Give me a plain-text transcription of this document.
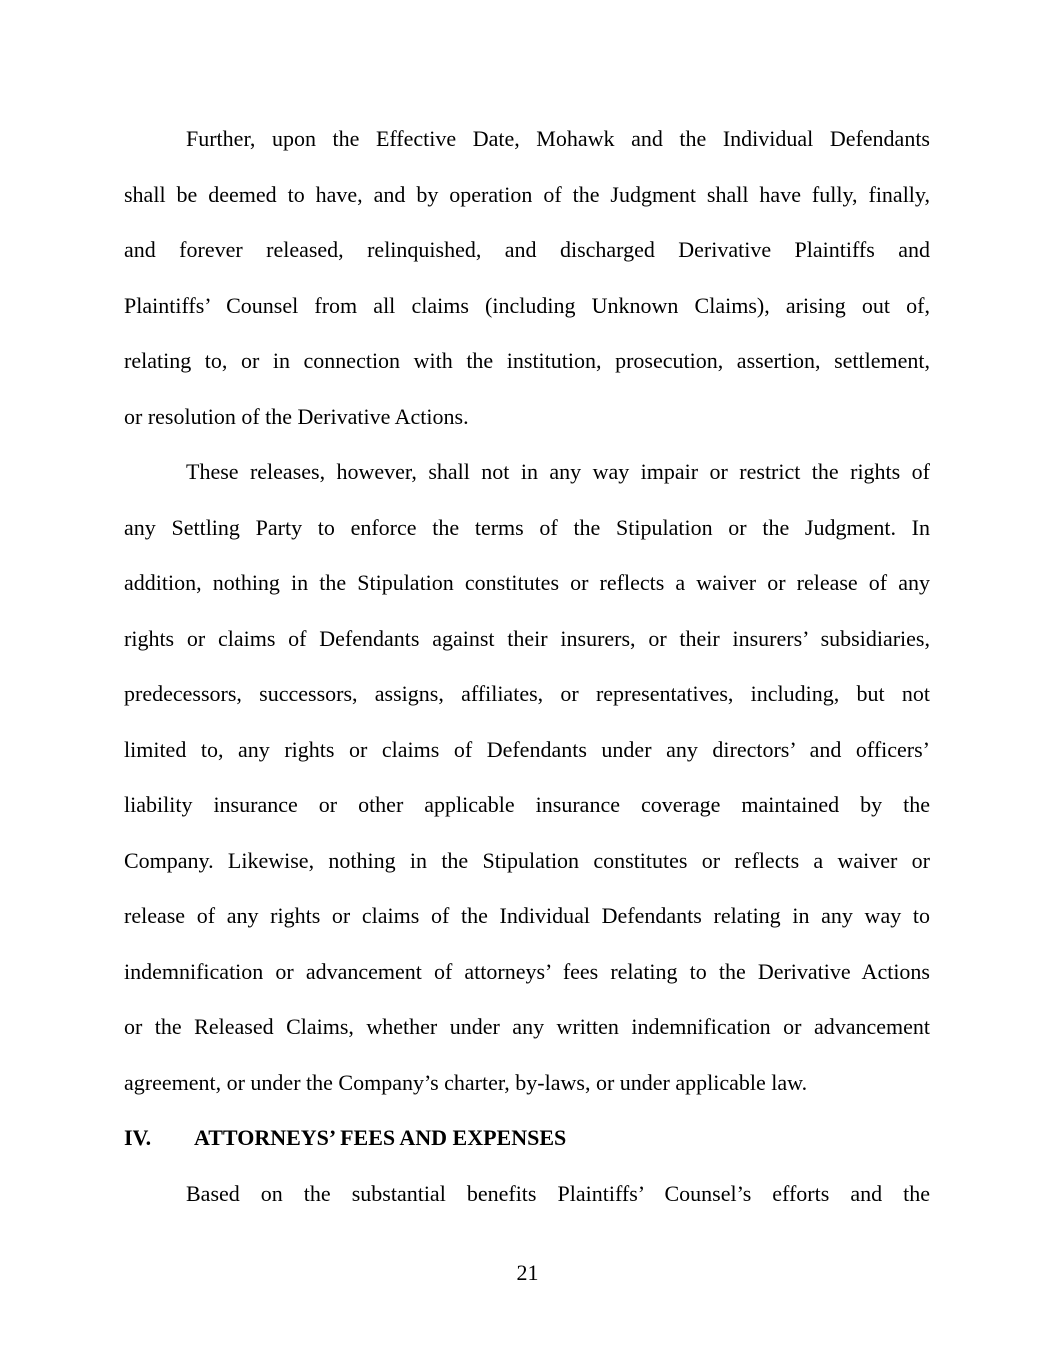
Further, upon the Effective Date, Mohawk and the Individual Defendants
shall be deemed to have, and by operation of the Judgment shall have fully, finally,
and forever released, relinquished, and discharged Derivative Plaintiffs and
Plaintiffs’ Counsel from all claims (including Unknown Claims), arising out of,
relating to, or in connection with the institution, prosecution, assertion, settlement,
or resolution of the Derivative Actions.
These releases, however, shall not in any way impair or restrict the rights of
any Settling Party to enforce the terms of the Stipulation or the Judgment. In
addition, nothing in the Stipulation constitutes or reflects a waiver or release of any
rights or claims of Defendants against their insurers, or their insurers’ subsidiaries,
predecessors, successors, assigns, affiliates, or representatives, including, but not
limited to, any rights or claims of Defendants under any directors’ and officers’
liability insurance or other applicable insurance coverage maintained by the
Company. Likewise, nothing in the Stipulation constitutes or reflects a waiver or
release of any rights or claims of the Individual Defendants relating in any way to
indemnification or advancement of attorneys’ fees relating to the Derivative Actions
or the Released Claims, whether under any written indemnification or advancement
agreement, or under the Company’s charter, by-laws, or under applicable law.
IV. ATTORNEYS’ FEES AND EXPENSES
Based on the substantial benefits Plaintiffs’ Counsel’s efforts and the
21
